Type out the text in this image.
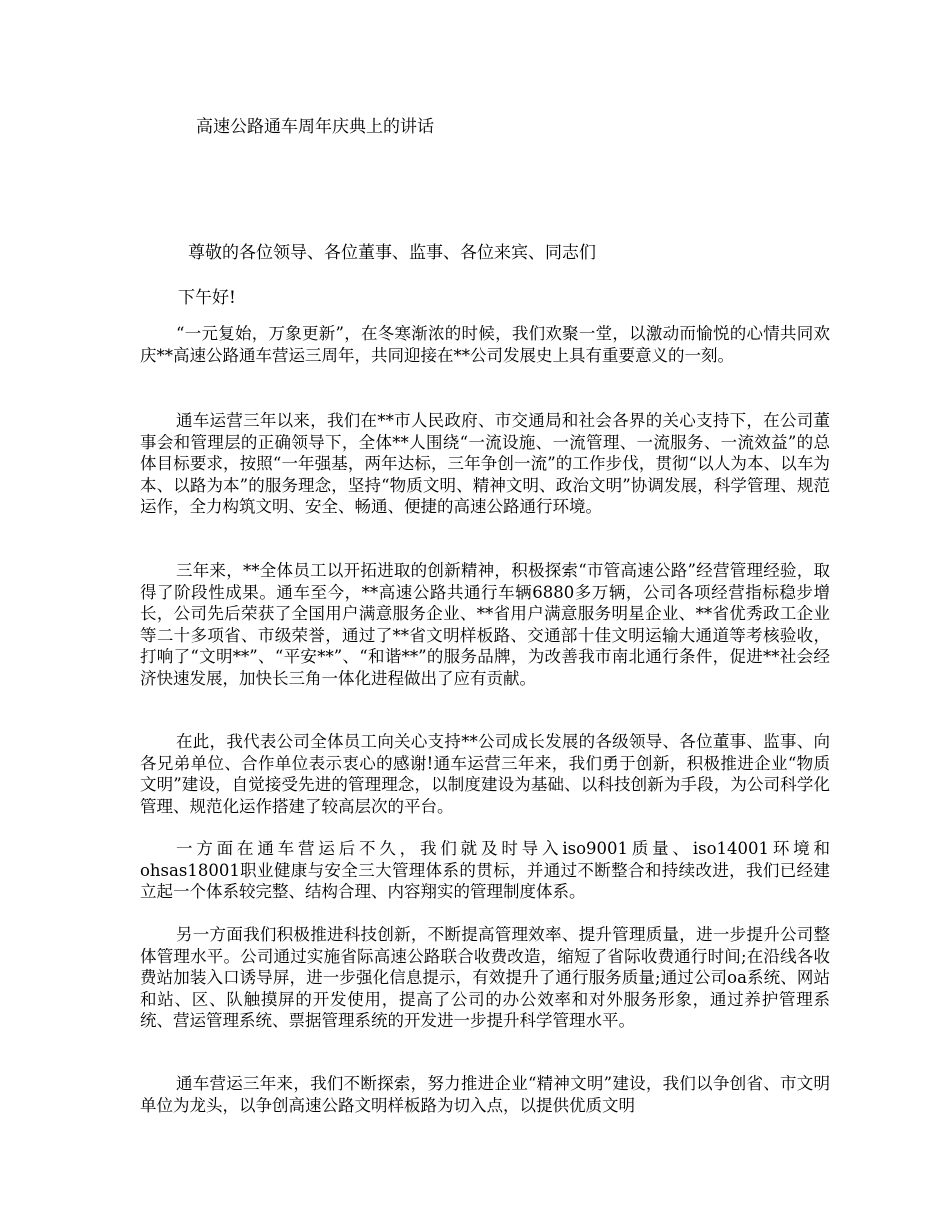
高速公路通车周年庆典上的讲话
尊敬的各位领导、各位董事、监事、各位来宾、同志们
下午好!

“一元复始，万象更新”，在冬寒渐浓的时候，我们欢聚一堂，以激动而愉悦的心情共同欢庆**高速公路通车营运三周年，共同迎接在**公司发展史上具有重要意义的一刻。

通车运营三年以来，我们在**市人民政府、市交通局和社会各界的关心支持下，在公司董事会和管理层的正确领导下，全体**人围绕“一流设施、一流管理、一流服务、一流效益”的总体目标要求，按照“一年强基，两年达标，三年争创一流”的工作步伐，贯彻“以人为本、以车为本、以路为本”的服务理念，坚持“物质文明、精神文明、政治文明”协调发展，科学管理、规范运作，全力构筑文明、安全、畅通、便捷的高速公路通行环境。

三年来，**全体员工以开拓进取的创新精神，积极探索“市管高速公路”经营管理经验，取得了阶段性成果。通车至今，**高速公路共通行车辆6880多万辆，公司各项经营指标稳步增长，公司先后荣获了全国用户满意服务企业、**省用户满意服务明星企业、**省优秀政工企业等二十多项省、市级荣誉，通过了**省文明样板路、交通部十佳文明运输大通道等考核验收，打响了“文明**”、“平安**”、“和谐**”的服务品牌，为改善我市南北通行条件，促进**社会经济快速发展，加快长三角一体化进程做出了应有贡献。

在此，我代表公司全体员工向关心支持**公司成长发展的各级领导、各位董事、监事、向各兄弟单位、合作单位表示衷心的感谢!通车运营三年来，我们勇于创新，积极推进企业“物质文明”建设，自觉接受先进的管理理念，以制度建设为基础、以科技创新为手段，为公司科学化管理、规范化运作搭建了较高层次的平台。

一方面在通车营运后不久，我们就及时导入iso9001质量、iso14001环境和ohsas18001职业健康与安全三大管理体系的贯标，并通过不断整合和持续改进，我们已经建立起一个体系较完整、结构合理、内容翔实的管理制度体系。

另一方面我们积极推进科技创新，不断提高管理效率、提升管理质量，进一步提升公司整体管理水平。公司通过实施省际高速公路联合收费改造，缩短了省际收费通行时间;在沿线各收费站加装入口诱导屏，进一步强化信息提示，有效提升了通行服务质量;通过公司oa系统、网站和站、区、队触摸屏的开发使用，提高了公司的办公效率和对外服务形象，通过养护管理系统、营运管理系统、票据管理系统的开发进一步提升科学管理水平。

通车营运三年来，我们不断探索，努力推进企业“精神文明”建设，我们以争创省、市文明单位为龙头，以争创高速公路文明样板路为切入点，以提供优质文明
